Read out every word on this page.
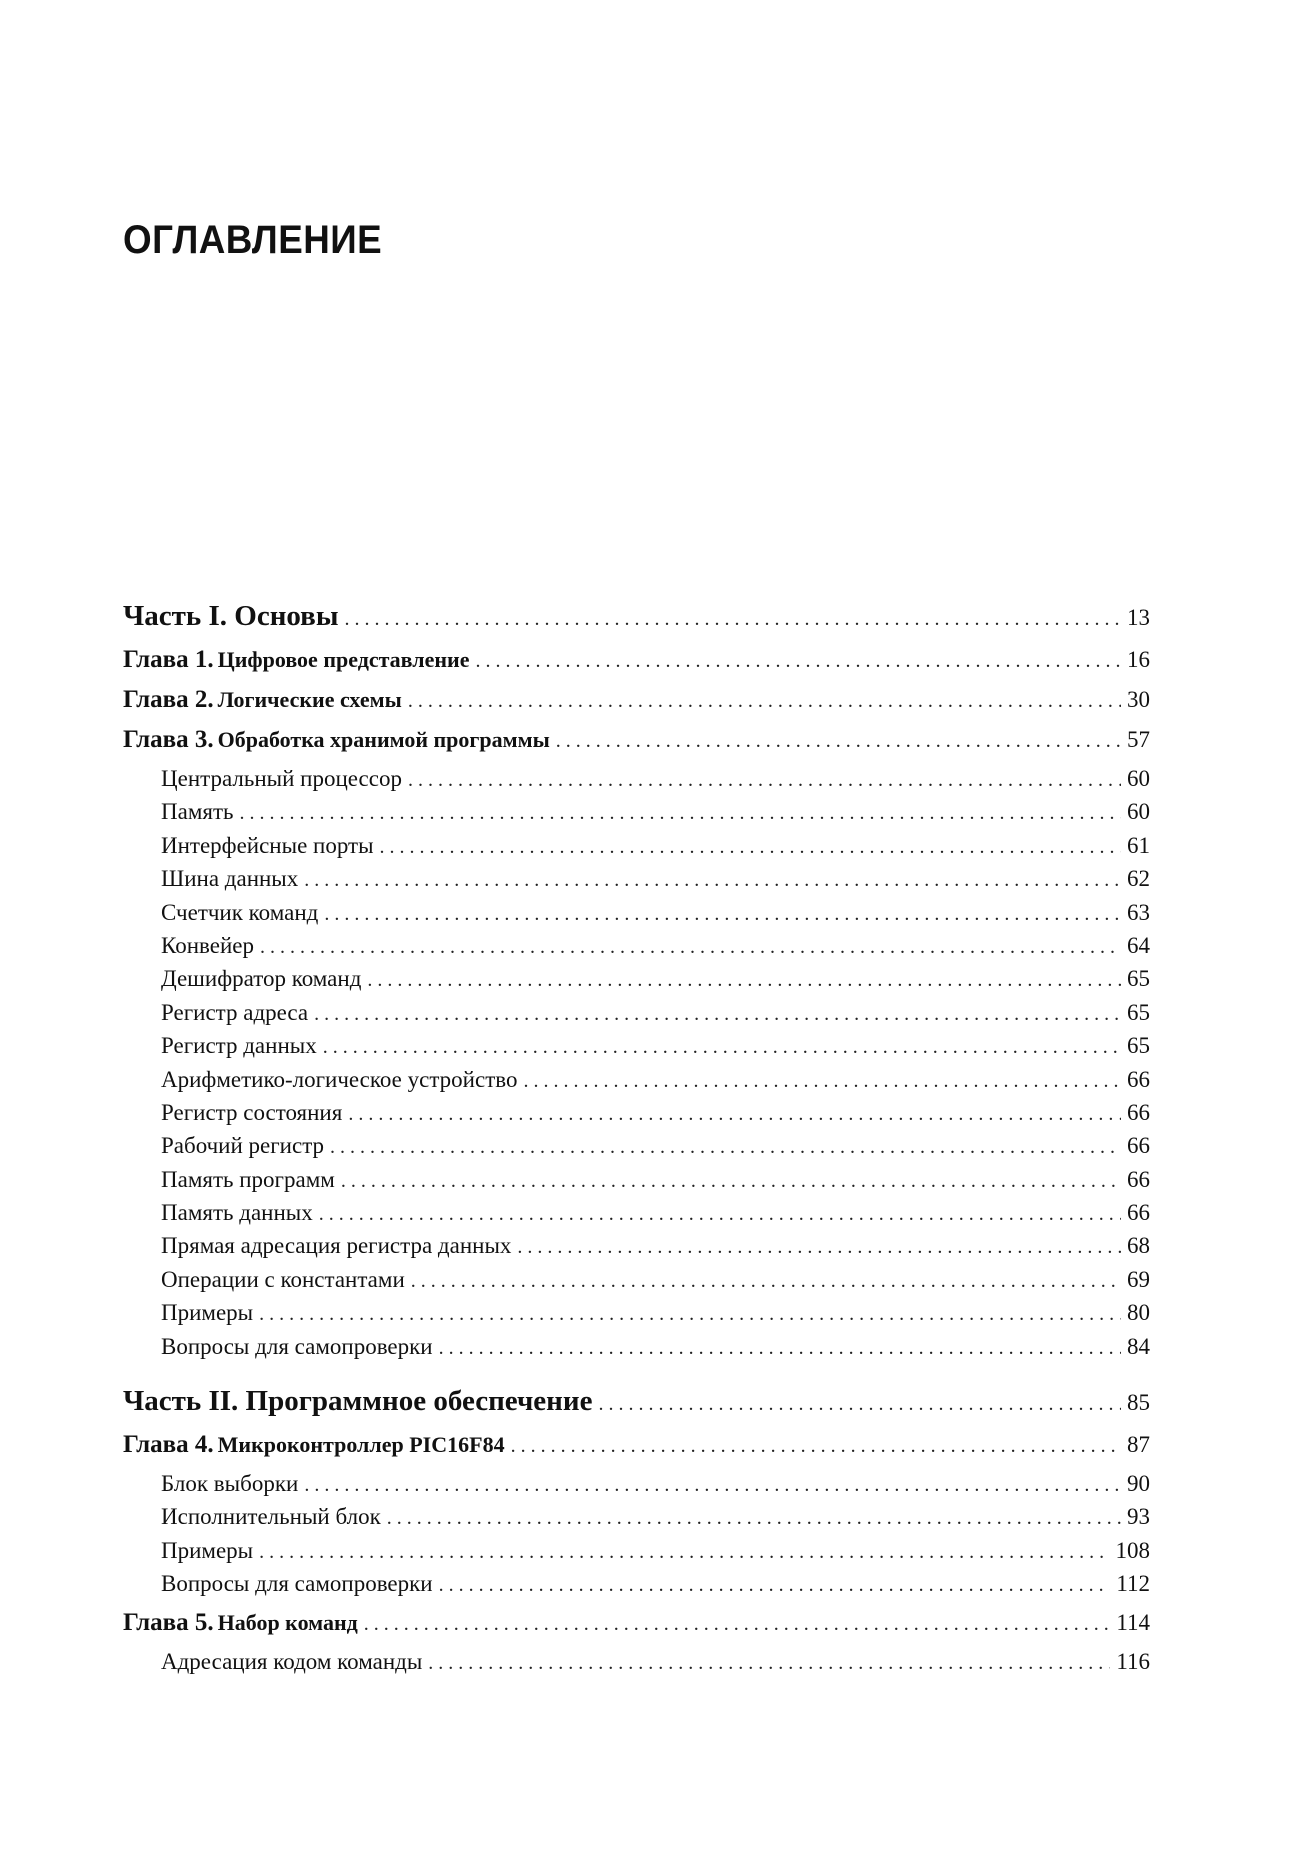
ОГЛАВЛЕНИЕ
Часть I. Основы . . .	13
Глава 1. Цифровое представление . . .	16
Глава 2. Логические схемы . . .	30
Глава 3. Обработка хранимой программы . . .	57
Центральный процессор . . .	60
Память . . .	60
Интерфейсные порты . . .	61
Шина данных . . .	62
Счетчик команд . . .	63
Конвейер . . .	64
Дешифратор команд . . .	65
Регистр адреса . . .	65
Регистр данных . . .	65
Арифметико-логическое устройство . . .	66
Регистр состояния . . .	66
Рабочий регистр . . .	66
Память программ . . .	66
Память данных . . .	66
Прямая адресация регистра данных . . .	68
Операции с константами . . .	69
Примеры . . .	80
Вопросы для самопроверки . . .	84
Часть II. Программное обеспечение . . .	85
Глава 4. Микроконтроллер PIC16F84 . . .	87
Блок выборки . . .	90
Исполнительный блок . . .	93
Примеры . . .	108
Вопросы для самопроверки . . .	112
Глава 5. Набор команд . . .	114
Адресация кодом команды . . .	116
